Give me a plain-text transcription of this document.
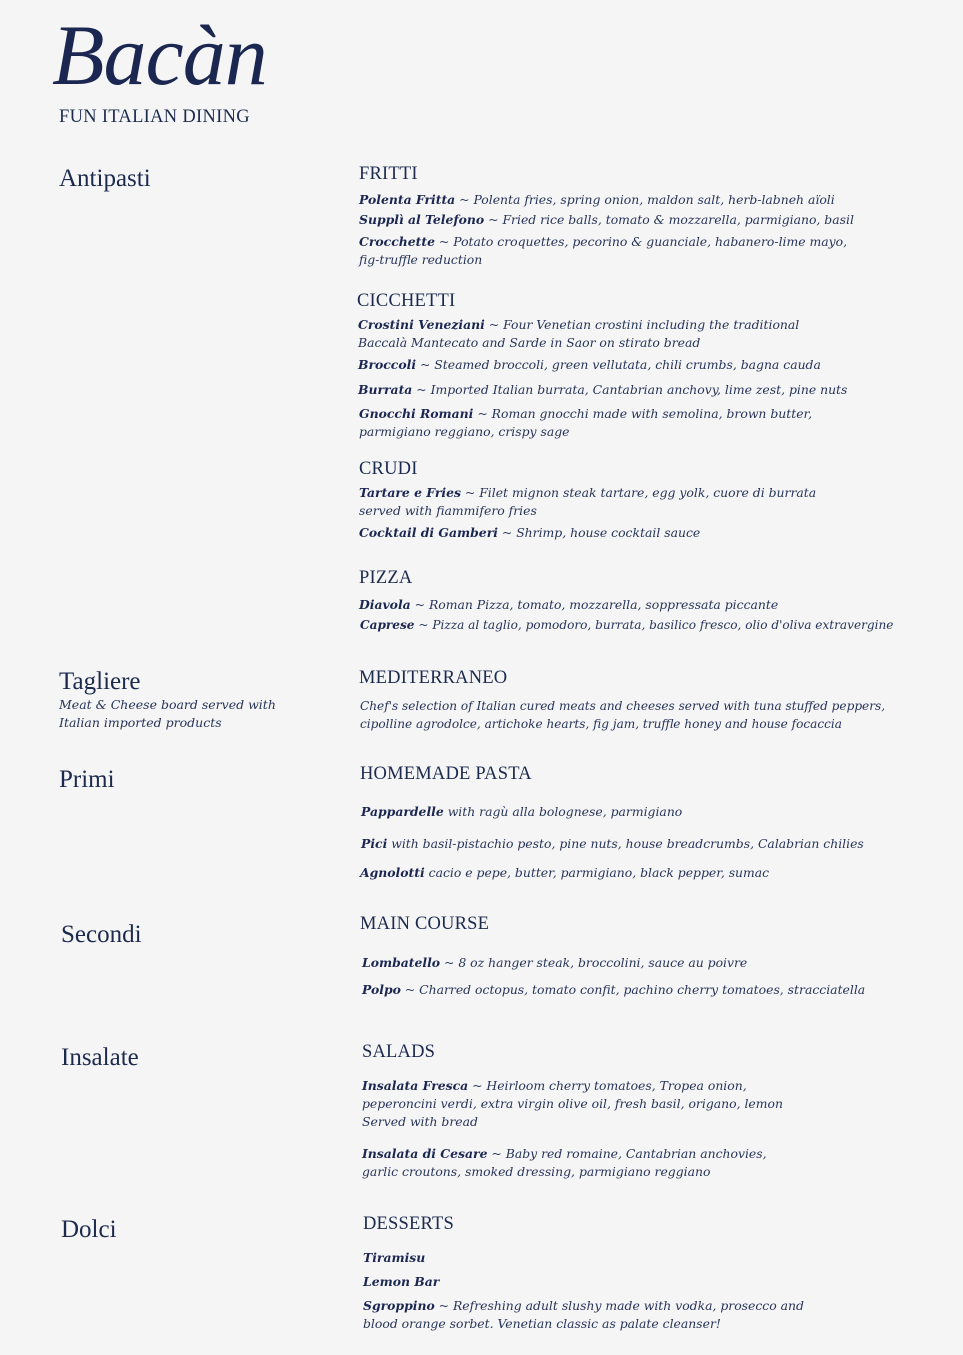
Bacàn
FUN ITALIAN DINING
Antipasti
Tagliere
Meat & Cheese board served with
Italian imported products
Primi
Secondi
Insalate
Dolci
FRITTI
Polenta Fritta ~ Polenta fries, spring onion, maldon salt, herb-labneh aïoli
Supplì al Telefono ~ Fried rice balls, tomato & mozzarella, parmigiano, basil
Crocchette ~ Potato croquettes, pecorino & guanciale, habanero-lime mayo,
fig-truffle reduction
CICCHETTI
Crostini Veneziani ~ Four Venetian crostini including the traditional
Baccalà Mantecato and Sarde in Saor on stirato bread
Broccoli ~ Steamed broccoli, green vellutata, chili crumbs, bagna cauda
Burrata ~ Imported Italian burrata, Cantabrian anchovy, lime zest, pine nuts
Gnocchi Romani ~ Roman gnocchi made with semolina, brown butter,
parmigiano reggiano, crispy sage
CRUDI
Tartare e Fries ~ Filet mignon steak tartare, egg yolk, cuore di burrata
served with fiammifero fries
Cocktail di Gamberi ~ Shrimp, house cocktail sauce
PIZZA
Diavola ~ Roman Pizza, tomato, mozzarella, soppressata piccante
Caprese ~ Pizza al taglio, pomodoro, burrata, basilico fresco, olio d'oliva extravergine
MEDITERRANEO
Chef's selection of Italian cured meats and cheeses served with tuna stuffed peppers,
cipolline agrodolce, artichoke hearts, fig jam, truffle honey and house focaccia
HOMEMADE PASTA
Pappardelle with ragù alla bolognese, parmigiano
Pici with basil-pistachio pesto, pine nuts, house breadcrumbs, Calabrian chilies
Agnolotti cacio e pepe, butter, parmigiano, black pepper, sumac
MAIN COURSE
Lombatello ~ 8 oz hanger steak, broccolini, sauce au poivre
Polpo ~ Charred octopus, tomato confit, pachino cherry tomatoes, stracciatella
SALADS
Insalata Fresca ~ Heirloom cherry tomatoes, Tropea onion,
peperoncini verdi, extra virgin olive oil, fresh basil, origano, lemon
Served with bread
Insalata di Cesare ~ Baby red romaine, Cantabrian anchovies,
garlic croutons, smoked dressing, parmigiano reggiano
DESSERTS
Tiramisu
Lemon Bar
Sgroppino ~ Refreshing adult slushy made with vodka, prosecco and
blood orange sorbet. Venetian classic as palate cleanser!
